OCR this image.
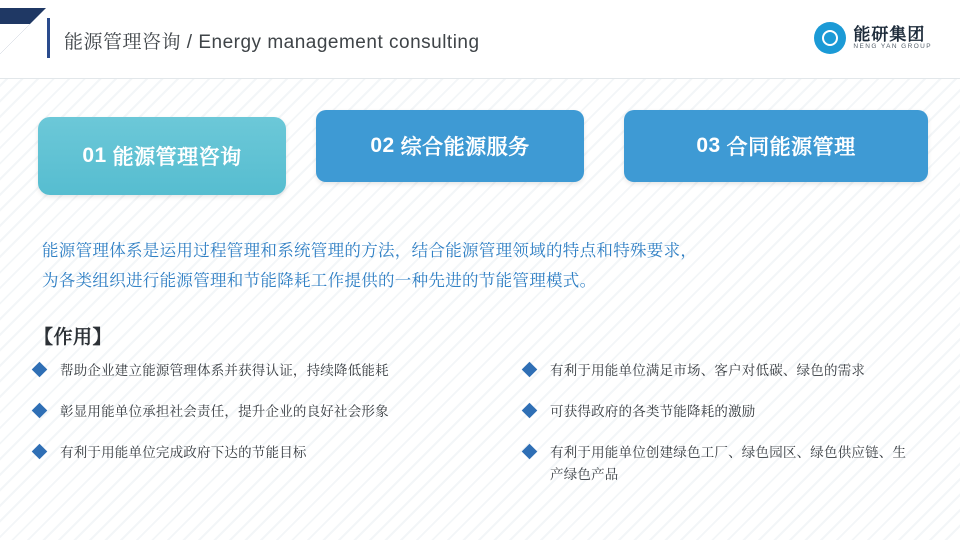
能源管理咨询 / Energy management consulting	能研集团
NENG YAN GROUP
01 能源管理咨询
02 综合能源服务	03 合同能源管理
能源管理体系是运用过程管理和系统管理的方法，结合能源管理领域的特点和特殊要求，
为各类组织进行能源管理和节能降耗工作提供的一种先进的节能管理模式。
【作用】
帮助企业建立能源管理体系并获得认证，持续降低能耗
彰显用能单位承担社会责任，提升企业的良好社会形象
有利于用能单位完成政府下达的节能目标
有利于用能单位满足市场、客户对低碳、绿色的需求
可获得政府的各类节能降耗的激励
有利于用能单位创建绿色工厂、绿色园区、绿色供应链、生产绿色产品
